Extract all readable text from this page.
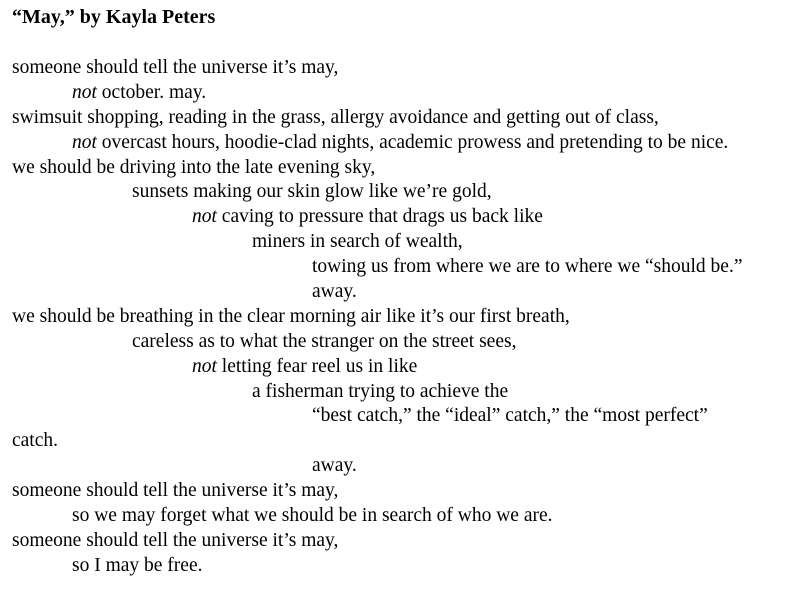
“May,” by Kayla Peters
someone should tell the universe it’s may,
not october. may.
swimsuit shopping, reading in the grass, allergy avoidance and getting out of class,
not overcast hours, hoodie-clad nights, academic prowess and pretending to be nice.
we should be driving into the late evening sky,
sunsets making our skin glow like we’re gold,
not caving to pressure that drags us back like
miners in search of wealth,
towing us from where we are to where we “should be.”
away.
we should be breathing in the clear morning air like it’s our first breath,
careless as to what the stranger on the street sees,
not letting fear reel us in like
a fisherman trying to achieve the
“best catch,” the “ideal” catch,” the “most perfect”
catch.
away.
someone should tell the universe it’s may,
so we may forget what we should be in search of who we are.
someone should tell the universe it’s may,
so I may be free.
